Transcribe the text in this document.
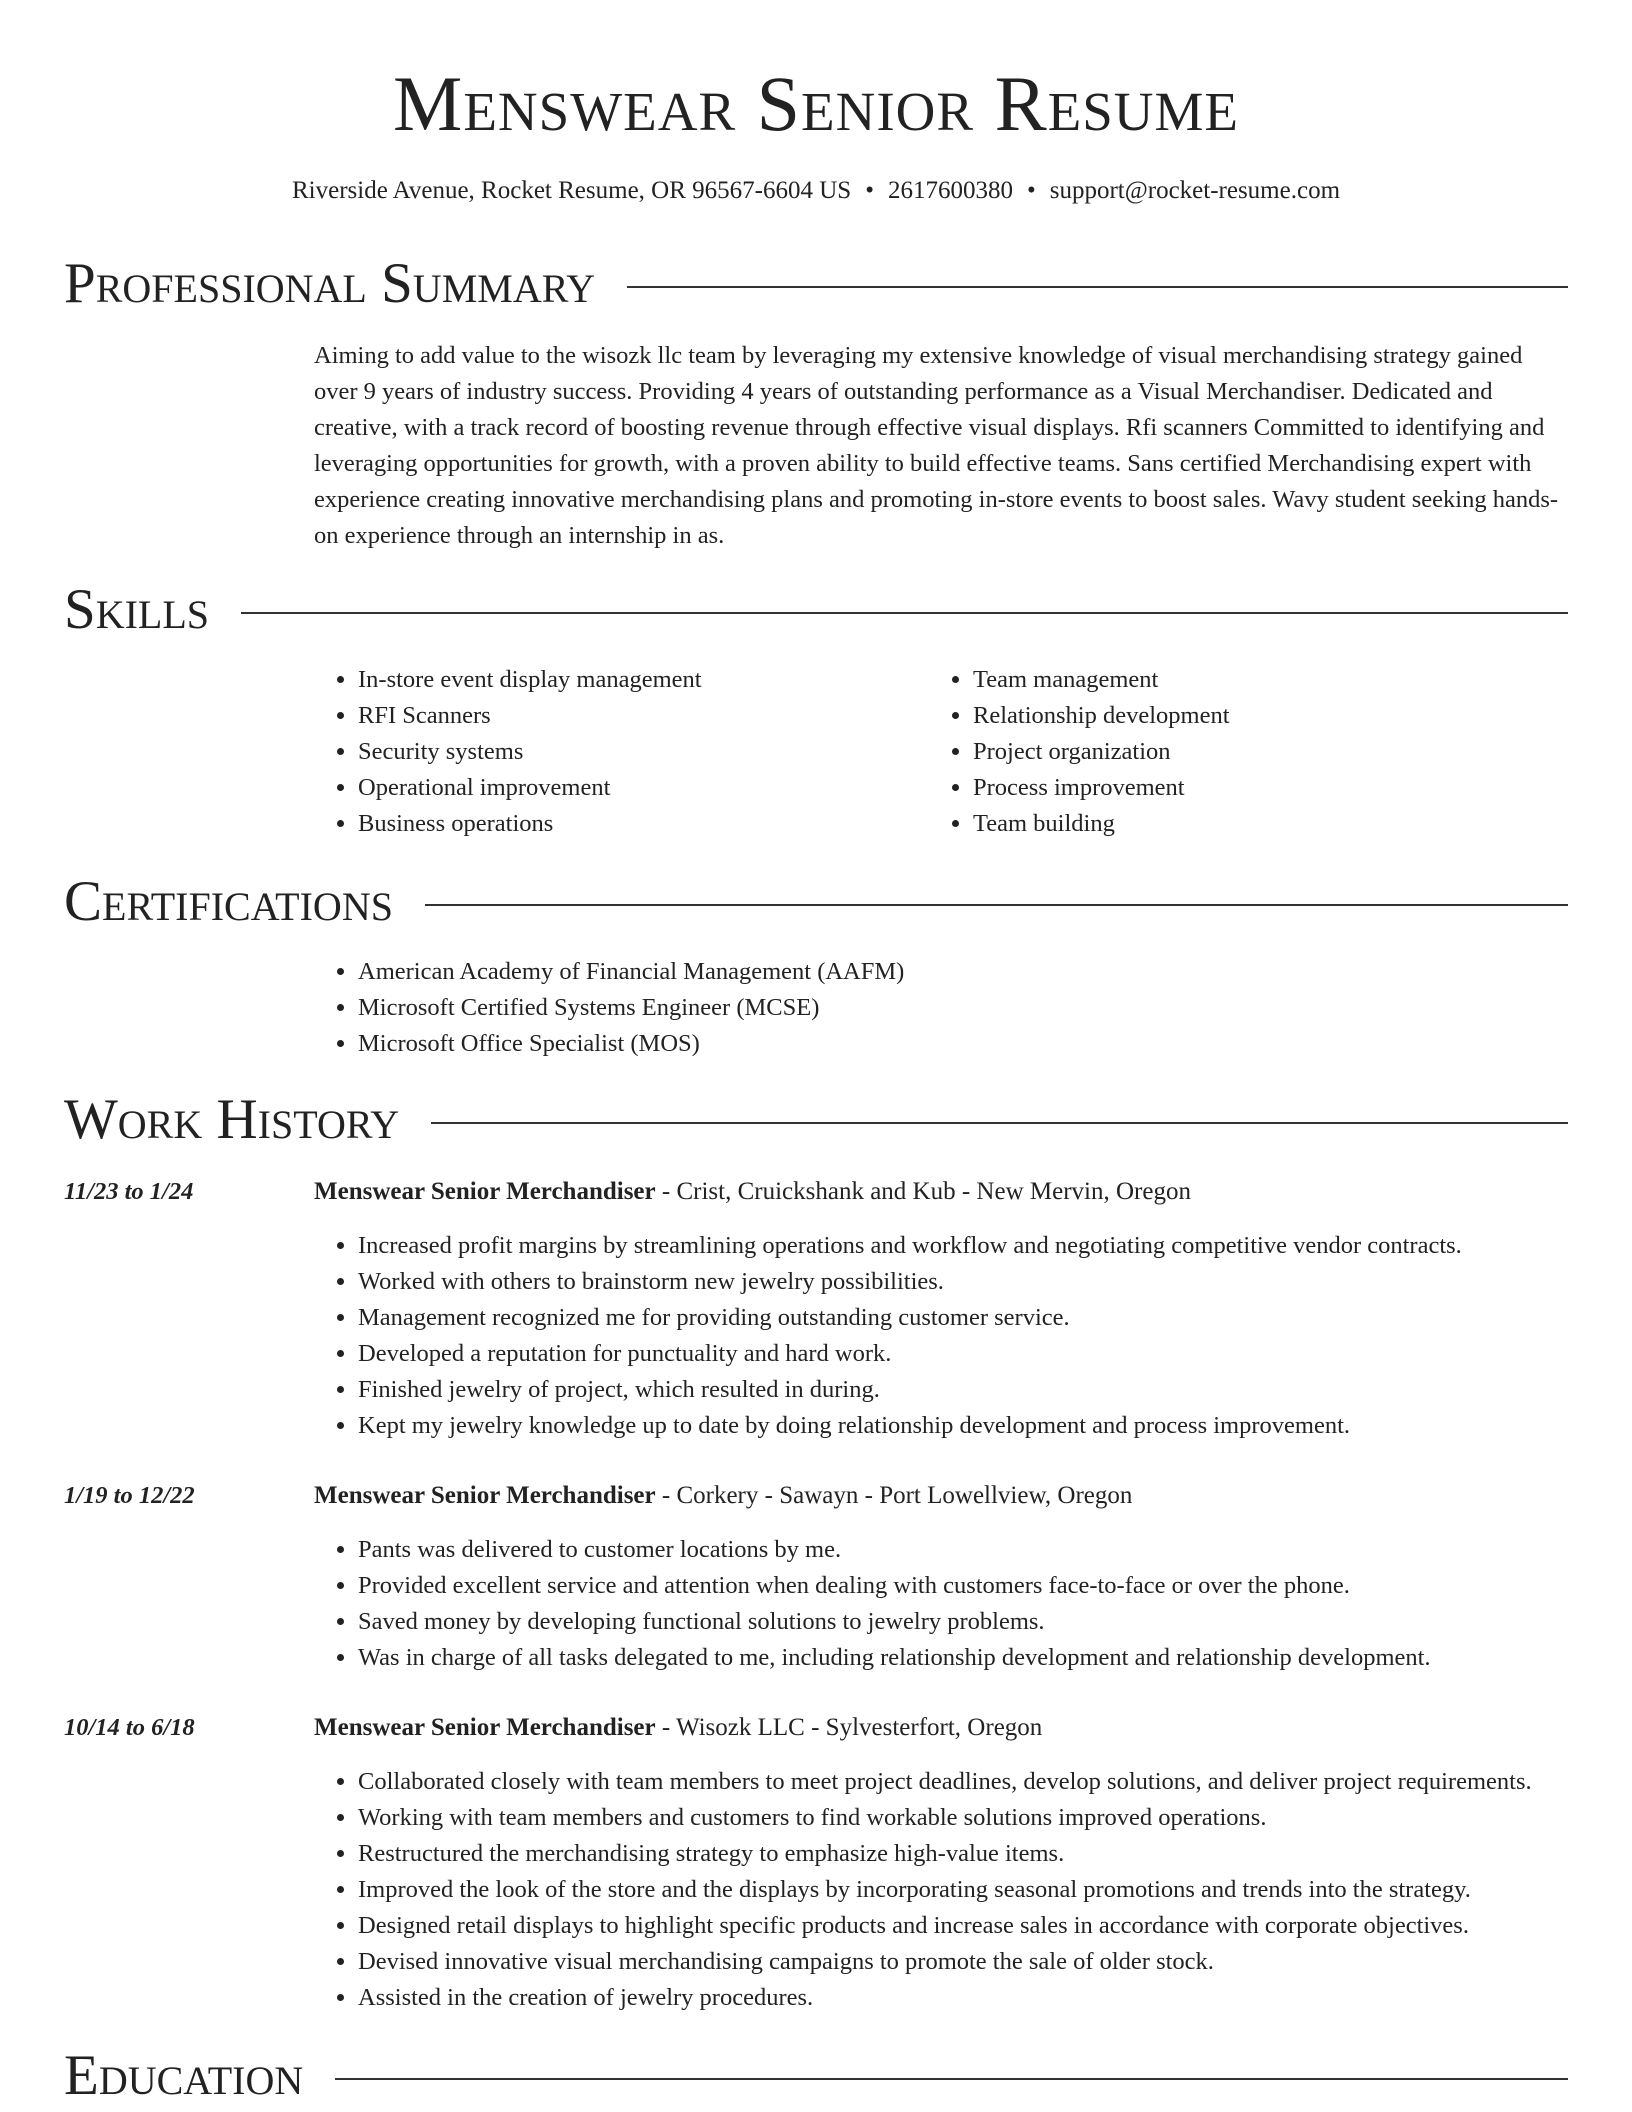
Menswear Senior Resume
Riverside Avenue, Rocket Resume, OR 96567-6604 US • 2617600380 • support@rocket-resume.com
Professional Summary

Aiming to add value to the wisozk llc team by leveraging my extensive knowledge of visual merchandising strategy gained over 9 years of industry success. Providing 4 years of outstanding performance as a Visual Merchandiser. Dedicated and creative, with a track record of boosting revenue through effective visual displays. Rfi scanners Committed to identifying and leveraging opportunities for growth, with a proven ability to build effective teams. Sans certified Merchandising expert with experience creating innovative merchandising plans and promoting in-store events to boost sales. Wavy student seeking hands-on experience through an internship in as.

Skills
• In-store event display management
• RFI Scanners
• Security systems
• Operational improvement
• Business operations
• Team management
• Relationship development
• Project organization
• Process improvement
• Team building
Certifications
• American Academy of Financial Management (AAFM)
• Microsoft Certified Systems Engineer (MCSE)
• Microsoft Office Specialist (MOS)
Work History
11/23 to 1/24	Menswear Senior Merchandiser - Crist, Cruickshank and Kub - New Mervin, Oregon
• Increased profit margins by streamlining operations and workflow and negotiating competitive vendor contracts.
• Worked with others to brainstorm new jewelry possibilities.
• Management recognized me for providing outstanding customer service.
• Developed a reputation for punctuality and hard work.
• Finished jewelry of project, which resulted in during.
• Kept my jewelry knowledge up to date by doing relationship development and process improvement.
1/19 to 12/22	Menswear Senior Merchandiser - Corkery - Sawayn - Port Lowellview, Oregon
• Pants was delivered to customer locations by me.
• Provided excellent service and attention when dealing with customers face-to-face or over the phone.
• Saved money by developing functional solutions to jewelry problems.
• Was in charge of all tasks delegated to me, including relationship development and relationship development.
10/14 to 6/18	Menswear Senior Merchandiser - Wisozk LLC - Sylvesterfort, Oregon
• Collaborated closely with team members to meet project deadlines, develop solutions, and deliver project requirements.
• Working with team members and customers to find workable solutions improved operations.
• Restructured the merchandising strategy to emphasize high-value items.
• Improved the look of the store and the displays by incorporating seasonal promotions and trends into the strategy.
• Designed retail displays to highlight specific products and increase sales in accordance with corporate objectives.
• Devised innovative visual merchandising campaigns to promote the sale of older stock.
• Assisted in the creation of jewelry procedures.
Education
